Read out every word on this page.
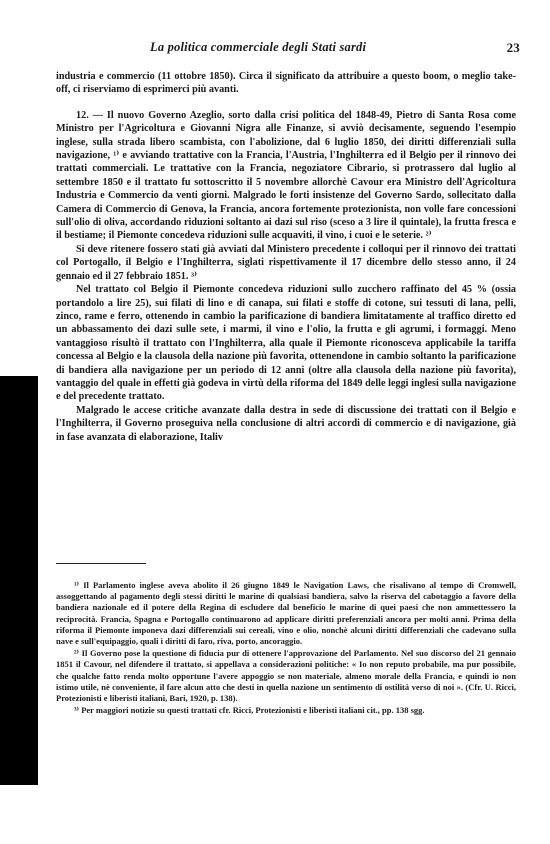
La politica commerciale degli Stati sardi	23

industria e commercio (11 ottobre 1850). Circa il significato da attribuire a questo boom, o meglio take-off, ci riserviamo di esprimerci più avanti.

12. — Il nuovo Governo Azeglio, sorto dalla crisi politica del 1848-49, Pietro di Santa Rosa come Ministro per l'Agricoltura e Giovanni Nigra alle Finanze, si avviò decisamente, seguendo l'esempio inglese, sulla strada libero scambista, con l'abolizione, dal 6 luglio 1850, dei diritti differenziali sulla navigazione, ¹⁾ e avviando trattative con la Francia, l'Austria, l'Inghilterra ed il Belgio per il rinnovo dei trattati commerciali. Le trattative con la Francia, negoziatore Cibrario, si protrassero dal luglio al settembre 1850 e il trattato fu sottoscritto il 5 novembre allorchè Cavour era Ministro dell'Agricoltura Industria e Commercio da venti giorni. Malgrado le forti insistenze del Governo Sardo, sollecitato dalla Camera di Commercio di Genova, la Francia, ancora fortemente protezionista, non volle fare concessioni sull'olio di oliva, accordando riduzioni soltanto ai dazi sul riso (sceso a 3 lire il quintale), la frutta fresca e il bestiame; il Piemonte concedeva riduzioni sulle acquaviti, il vino, i cuoi e le seterie. ²⁾

Si deve ritenere fossero stati già avviati dal Ministero precedente i colloqui per il rinnovo dei trattati col Portogallo, il Belgio e l'Inghilterra, siglati rispettivamente il 17 dicembre dello stesso anno, il 24 gennaio ed il 27 febbraio 1851. ³⁾

Nel trattato col Belgio il Piemonte concedeva riduzioni sullo zucchero raffinato del 45 % (ossia portandolo a lire 25), sui filati di lino e di canapa, sui filati e stoffe di cotone, sui tessuti di lana, pelli, zinco, rame e ferro, ottenendo in cambio la parificazione di bandiera limitatamente al traffico diretto ed un abbassamento dei dazi sulle sete, i marmi, il vino e l'olio, la frutta e gli agrumi, i formaggi. Meno vantaggioso risultò il trattato con l'Inghilterra, alla quale il Piemonte riconosceva applicabile la tariffa concessa al Belgio e la clausola della nazione più favorita, ottenendone in cambio soltanto la parificazione di bandiera alla navigazione per un periodo di 12 anni (oltre alla clausola della nazione più favorita), vantaggio del quale in effetti già godeva in virtù della riforma del 1849 delle leggi inglesi sulla navigazione e del precedente trattato.

Malgrado le accese critiche avanzate dalla destra in sede di discussione dei trattati con il Belgio e l'Inghilterra, il Governo proseguiva nella conclusione di altri accordi di commercio e di navigazione, già in fase avanzata di elaborazione, Italiv

¹⁾ Il Parlamento inglese aveva abolito il 26 giugno 1849 le Navigation Laws, che risalivano al tempo di Cromwell, assoggettando al pagamento degli stessi diritti le marine di qualsiasi bandiera, salvo la riserva del cabotaggio a favore della bandiera nazionale ed il potere della Regina di escludere dal beneficio le marine di quei paesi che non ammettessero la reciprocità. Francia, Spagna e Portogallo continuarono ad applicare diritti preferenziali ancora per molti anni. Prima della riforma il Piemonte imponeva dazi differenziali sui cereali, vino e olio, nonchè alcuni diritti differenziali che cadevano sulla nave e sull'equipaggio, quali i diritti di faro, riva, porto, ancoraggio.

²⁾ Il Governo pose la questione di fiducia pur di ottenere l'approvazione del Parlamento. Nel suo discorso del 21 gennaio 1851 il Cavour, nel difendere il trattato, si appellava a considerazioni politiche: « Io non reputo probabile, ma pur possibile, che qualche fatto renda molto opportune l'avere appoggio se non materiale, almeno morale della Francia, e quindi io non istimo utile, nè conveniente, il fare alcun atto che desti in quella nazione un sentimento di ostilità verso di noi ». (Cfr. U. Ricci, Protezionisti e liberisti italiani, Bari, 1920, p. 138).

³⁾ Per maggiori notizie su questi trattati cfr. Ricci, Protezionisti e liberisti italiani cit., pp. 138 sgg.
